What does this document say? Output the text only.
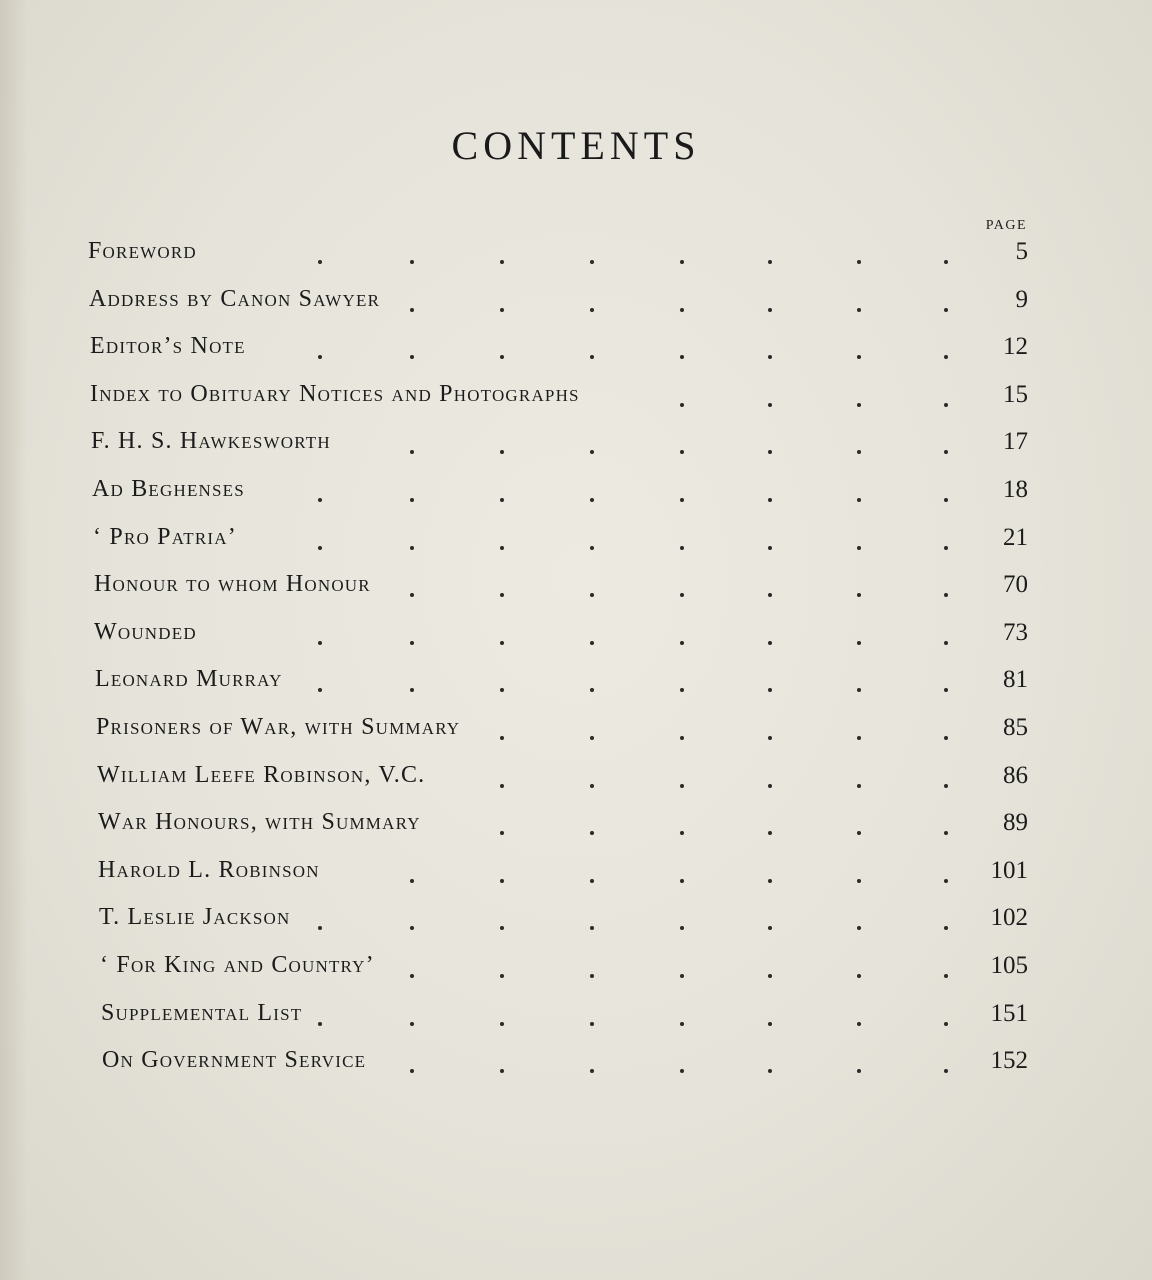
CONTENTS
PAGE
Foreword	5
Address by Canon Sawyer	9
Editor’s Note	12
Index to Obituary Notices and Photographs	15
F. H. S. Hawkesworth	17
Ad Beghenses	18
‘ Pro Patria’	21
Honour to whom Honour	70
Wounded	73
Leonard Murray	81
Prisoners of War, with Summary	85
William Leefe Robinson, V.C.	86
War Honours, with Summary	89
Harold L. Robinson	101
T. Leslie Jackson	102
‘ For King and Country’	105
Supplemental List	151
On Government Service	152
